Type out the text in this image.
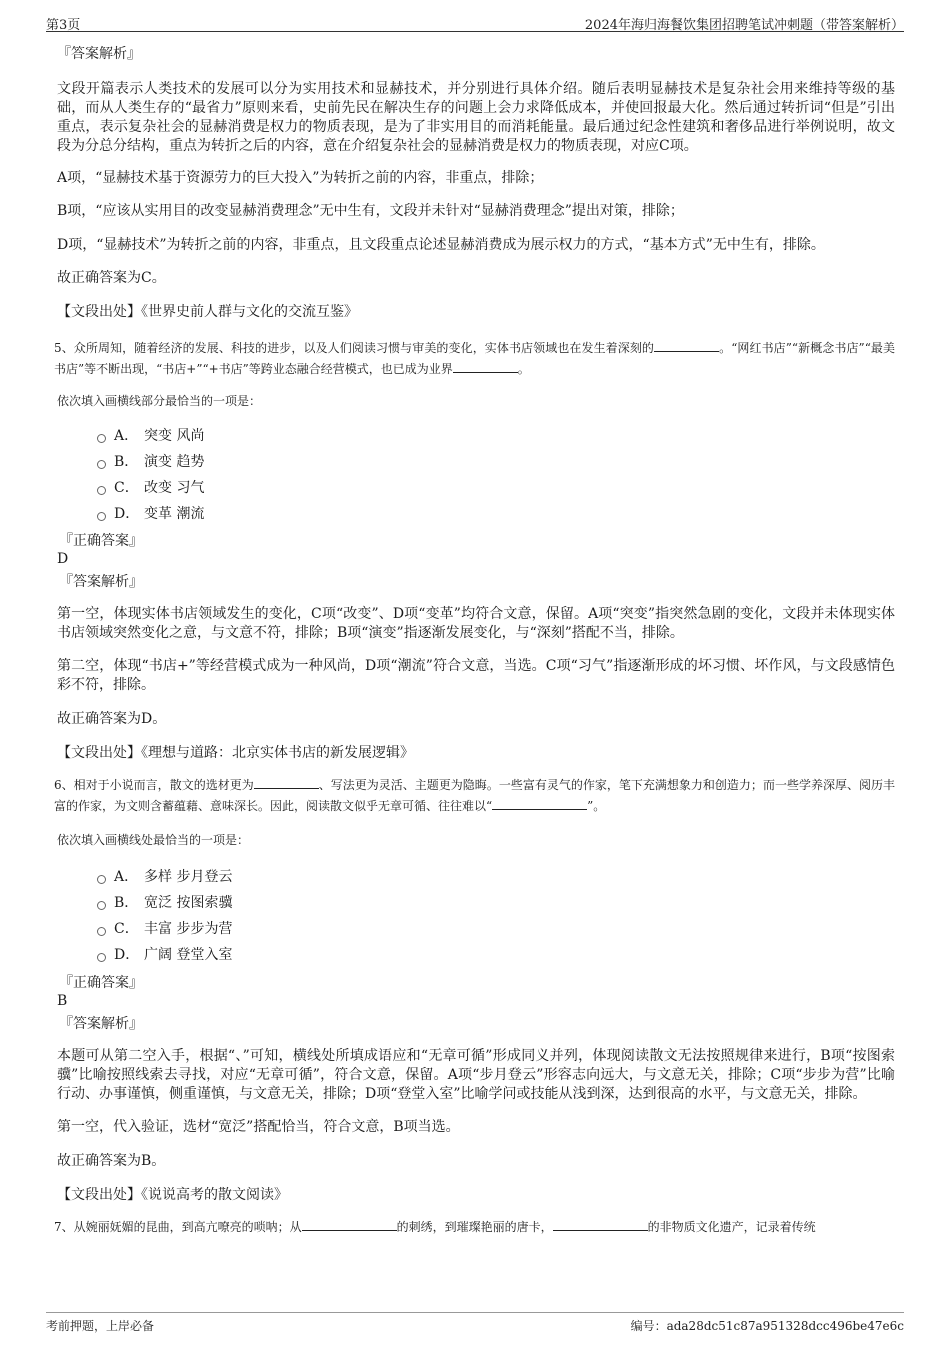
第3页	2024年海归海餐饮集团招聘笔试冲刺题（带答案解析）
『答案解析』

文段开篇表示人类技术的发展可以分为实用技术和显赫技术，并分别进行具体介绍。随后表明显赫技术是复杂社会用来维持等级的基础，而从人类生存的“最省力”原则来看，史前先民在解决生存的问题上会力求降低成本，并使回报最大化。然后通过转折词“但是”引出重点，表示复杂社会的显赫消费是权力的物质表现，是为了非实用目的而消耗能量。最后通过纪念性建筑和奢侈品进行举例说明，故文段为分总分结构，重点为转折之后的内容，意在介绍复杂社会的显赫消费是权力的物质表现，对应C项。

A项，“显赫技术基于资源劳力的巨大投入”为转折之前的内容，非重点，排除；

B项，“应该从实用目的改变显赫消费理念”无中生有，文段并未针对“显赫消费理念”提出对策，排除；

D项，“显赫技术”为转折之前的内容，非重点，且文段重点论述显赫消费成为展示权力的方式，“基本方式”无中生有，排除。

故正确答案为C。

【文段出处】《世界史前人群与文化的交流互鉴》

5、众所周知，随着经济的发展、科技的进步，以及人们阅读习惯与审美的变化，实体书店领域也在发生着深刻的	。“网红书店”“新概念书店”“最美书店”等不断出现，“书店+”“+书店”等跨业态融合经营模式，也已成为业界	。

依次填入画横线部分最恰当的一项是：

A． 突变 风尚
B． 演变 趋势
C． 改变 习气
D． 变革 潮流
『正确答案』
D
『答案解析』

第一空，体现实体书店领域发生的变化，C项“改变”、D项“变革”均符合文意，保留。A项“突变”指突然急剧的变化，文段并未体现实体书店领域突然变化之意，与文意不符，排除；B项“演变”指逐渐发展变化，与“深刻”搭配不当，排除。

第二空，体现“书店+”等经营模式成为一种风尚，D项“潮流”符合文意，当选。C项“习气”指逐渐形成的坏习惯、坏作风，与文段感情色彩不符，排除。

故正确答案为D。

【文段出处】《理想与道路：北京实体书店的新发展逻辑》

6、相对于小说而言，散文的选材更为	、写法更为灵活、主题更为隐晦。一些富有灵气的作家，笔下充满想象力和创造力；而一些学养深厚、阅历丰富的作家，为文则含蓄蕴藉、意味深长。因此，阅读散文似乎无章可循、往往难以“	”。

依次填入画横线处最恰当的一项是：

A． 多样 步月登云
B． 宽泛 按图索骥
C． 丰富 步步为营
D． 广阔 登堂入室
『正确答案』
B
『答案解析』

本题可从第二空入手，根据“、”可知，横线处所填成语应和“无章可循”形成同义并列，体现阅读散文无法按照规律来进行，B项“按图索骥”比喻按照线索去寻找，对应“无章可循”，符合文意，保留。A项“步月登云”形容志向远大，与文意无关，排除；C项“步步为营”比喻行动、办事谨慎，侧重谨慎，与文意无关，排除；D项“登堂入室”比喻学问或技能从浅到深，达到很高的水平，与文意无关，排除。

第一空，代入验证，选材“宽泛”搭配恰当，符合文意，B项当选。

故正确答案为B。

【文段出处】《说说高考的散文阅读》

7、从婉丽妩媚的昆曲，到高亢嘹亮的唢呐；从	的刺绣，到璀璨艳丽的唐卡，	的非物质文化遗产，记录着传统

考前押题，上岸必备	编号：ada28dc51c87a951328dcc496be47e6c
